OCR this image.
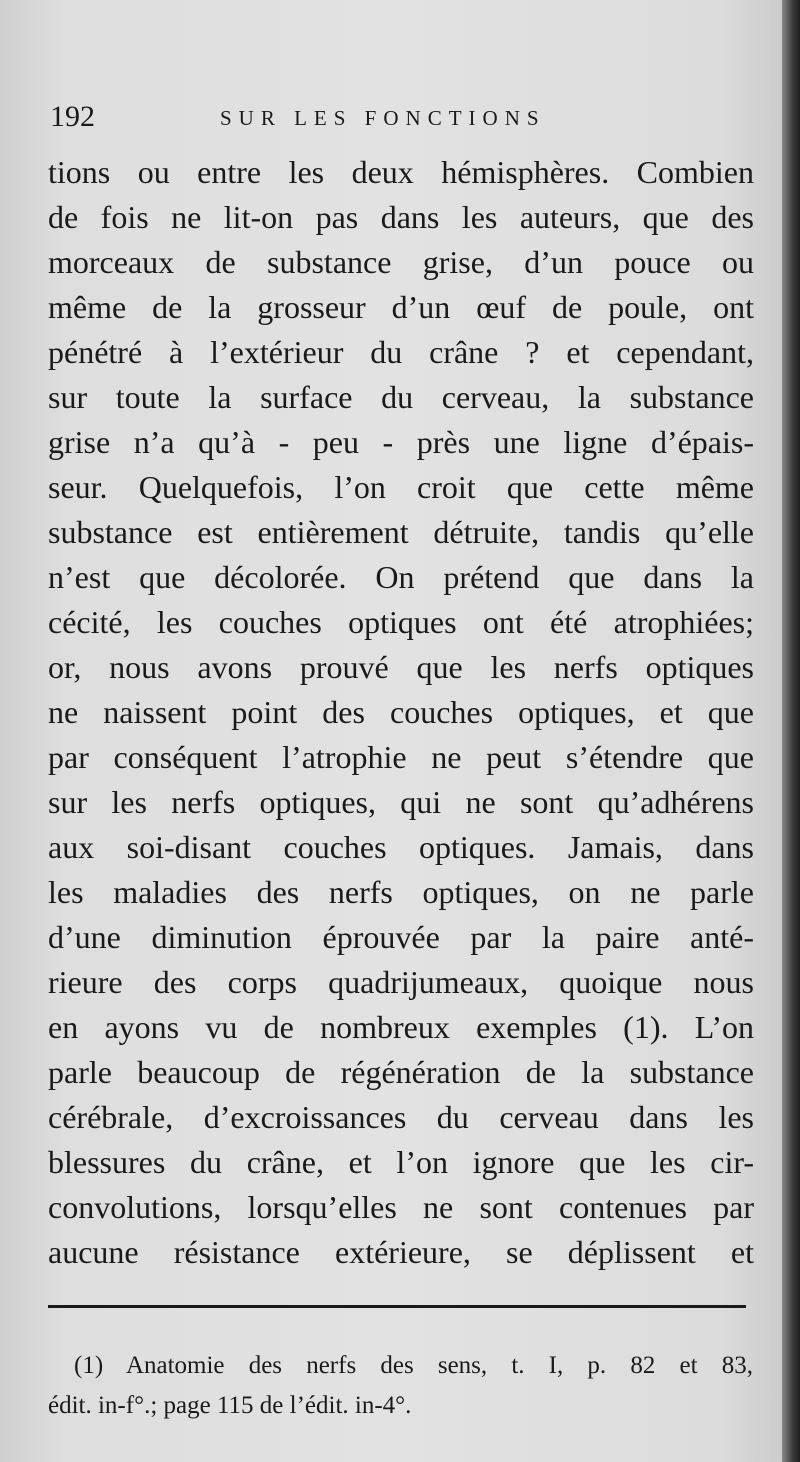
192	SUR LES FONCTIONS
tions ou entre les deux hémisphères. Combien
de fois ne lit-on pas dans les auteurs, que des
morceaux de substance grise, d’un pouce ou
même de la grosseur d’un œuf de poule, ont
pénétré à l’extérieur du crâne ? et cependant,
sur toute la surface du cerveau, la substance
grise n’a qu’à - peu - près une ligne d’épais-
seur. Quelquefois, l’on croit que cette même
substance est entièrement détruite, tandis qu’elle
n’est que décolorée. On prétend que dans la
cécité, les couches optiques ont été atrophiées;
or, nous avons prouvé que les nerfs optiques
ne naissent point des couches optiques, et que
par conséquent l’atrophie ne peut s’étendre que
sur les nerfs optiques, qui ne sont qu’adhérens
aux soi-disant couches optiques. Jamais, dans
les maladies des nerfs optiques, on ne parle
d’une diminution éprouvée par la paire anté-
rieure des corps quadrijumeaux, quoique nous
en ayons vu de nombreux exemples (1). L’on
parle beaucoup de régénération de la substance
cérébrale, d’excroissances du cerveau dans les
blessures du crâne, et l’on ignore que les cir-
convolutions, lorsqu’elles ne sont contenues par
aucune résistance extérieure, se déplissent et
(1) Anatomie des nerfs des sens, t. I, p. 82 et 83,
édit. in-f°.; page 115 de l’édit. in-4°.
